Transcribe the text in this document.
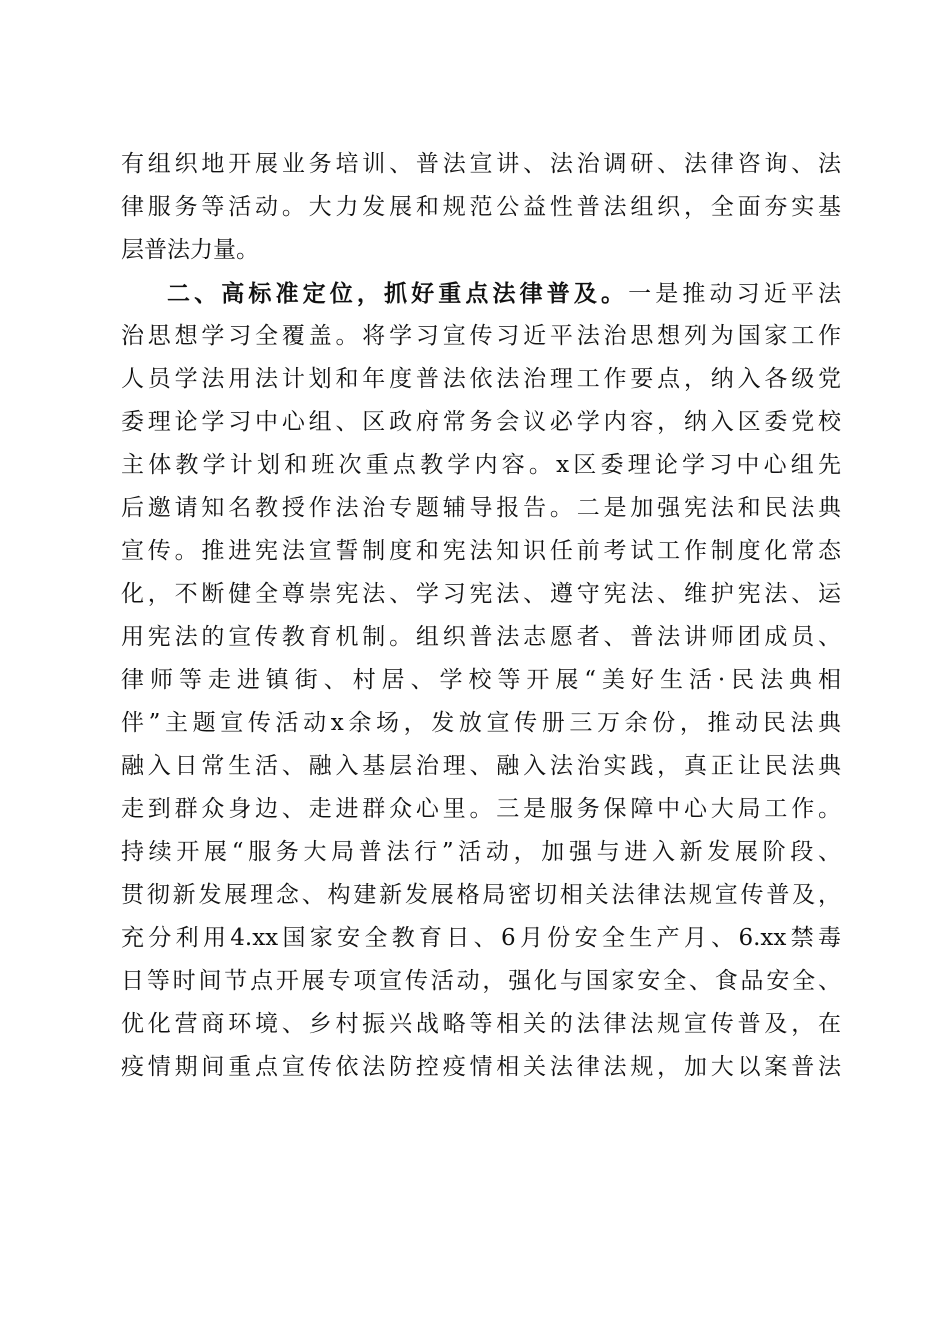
有组织地开展业务培训、普法宣讲、法治调研、法律咨询、法
律服务等活动。大力发展和规范公益性普法组织，全面夯实基
层普法力量。
二、高标准定位，抓好重点法律普及。一是推动习近平法
治思想学习全覆盖。将学习宣传习近平法治思想列为国家工作
人员学法用法计划和年度普法依法治理工作要点，纳入各级党
委理论学习中心组、区政府常务会议必学内容，纳入区委党校
主体教学计划和班次重点教学内容。x区委理论学习中心组先
后邀请知名教授作法治专题辅导报告。二是加强宪法和民法典
宣传。推进宪法宣誓制度和宪法知识任前考试工作制度化常态
化，不断健全尊崇宪法、学习宪法、遵守宪法、维护宪法、运
用宪法的宣传教育机制。组织普法志愿者、普法讲师团成员、
律师等走进镇街、村居、学校等开展“美好生活·民法典相
伴”主题宣传活动x余场，发放宣传册三万余份，推动民法典
融入日常生活、融入基层治理、融入法治实践，真正让民法典
走到群众身边、走进群众心里。三是服务保障中心大局工作。
持续开展“服务大局普法行”活动，加强与进入新发展阶段、
贯彻新发展理念、构建新发展格局密切相关法律法规宣传普及，
充分利用4.xx国家安全教育日、6月份安全生产月、6.xx禁毒
日等时间节点开展专项宣传活动，强化与国家安全、食品安全、
优化营商环境、乡村振兴战略等相关的法律法规宣传普及，在
疫情期间重点宣传依法防控疫情相关法律法规，加大以案普法
